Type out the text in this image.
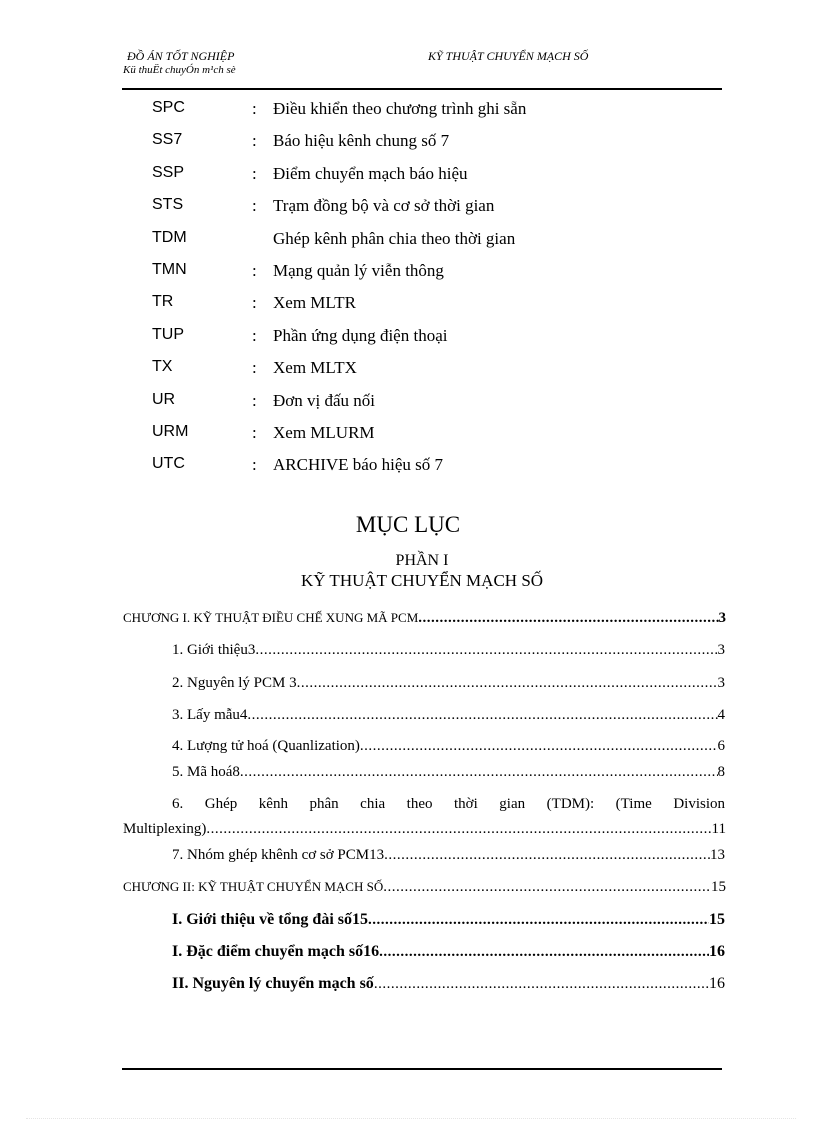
ĐỒ ÁN TỐT NGHIỆP
Kü thuËt chuyÓn m¹ch sè
KỸ THUẬT CHUYỂN MẠCH SỐ
SPC	: Điều khiển theo chương trình ghi sẵn
SS7	: Báo hiệu kênh chung số 7
SSP	: Điểm chuyển mạch báo hiệu
STS	: Trạm đồng bộ và cơ sở thời gian
TDM	Ghép kênh phân chia theo thời gian
TMN	: Mạng quản lý viễn thông
TR	: Xem MLTR
TUP	: Phần ứng dụng điện thoại
TX	: Xem MLTX
UR	: Đơn vị đấu nối
URM	: Xem MLURM
UTC	: ARCHIVE báo hiệu số 7
MỤC LỤC
PHẦN I
KỸ THUẬT CHUYỂN MẠCH SỐ
CHƯƠNG I. KỸ THUẬT ĐIỀU CHẾ XUNG MÃ PCM .....	3
1. Giới thiệu3 .....	3
2. Nguyên lý PCM 3 .....	3
3. Lấy mẫu4 .....	4
4. Lượng tử hoá (Quanlization) .....	6
5. Mã hoá8 .....	8
6. Ghép kênh phân chia theo thời gian (TDM): (Time Division
Multiplexing) .....	11
7. Nhóm ghép khênh cơ sở PCM13 .....	13
CHƯƠNG II: KỸ THUẬT CHUYỂN MẠCH SỐ .....	15
I. Giới thiệu về tổng đài số15 .....	15
I. Đặc điểm chuyển mạch số16 .....	16
II. Nguyên lý chuyển mạch số .....	16
